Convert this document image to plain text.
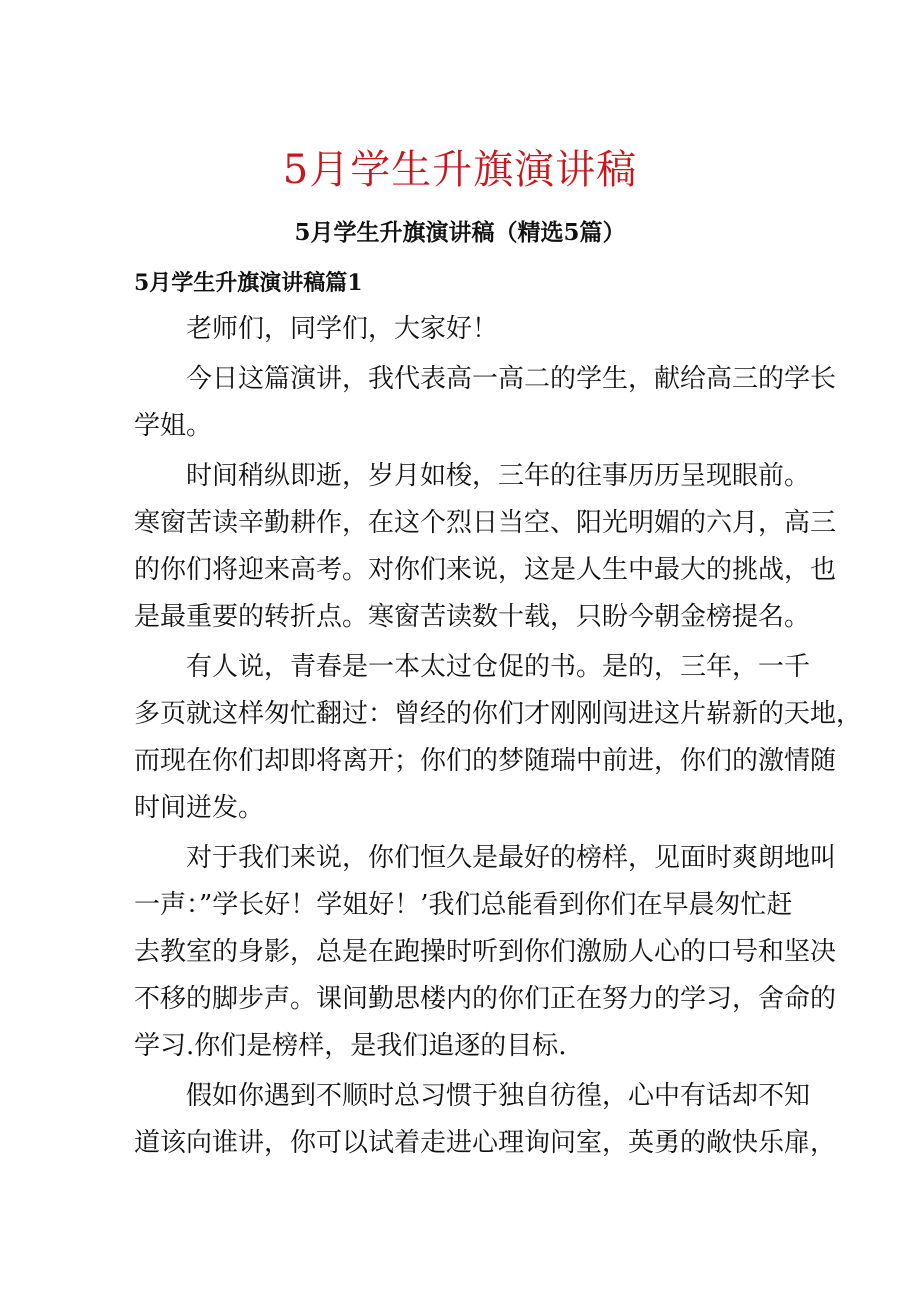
5月学生升旗演讲稿
5月学生升旗演讲稿（精选5篇）
5月学生升旗演讲稿篇1

老师们，同学们，大家好！

今日这篇演讲，我代表高一高二的学生，献给高三的学长
学姐。

时间稍纵即逝，岁月如梭，三年的往事历历呈现眼前。
寒窗苦读辛勤耕作，在这个烈日当空、阳光明媚的六月，高三
的你们将迎来高考。对你们来说，这是人生中最大的挑战，也
是最重要的转折点。寒窗苦读数十载，只盼今朝金榜提名。

有人说，青春是一本太过仓促的书。是的，三年，一千
多页就这样匆忙翻过：曾经的你们才刚刚闯进这片崭新的天地，
而现在你们却即将离开；你们的梦随瑞中前进，你们的激情随
时间迸发。

对于我们来说，你们恒久是最好的榜样，见面时爽朗地叫
一声：”学长好！学姐好！’我们总能看到你们在早晨匆忙赶
去教室的身影，总是在跑操时听到你们激励人心的口号和坚决
不移的脚步声。课间勤思楼内的你们正在努力的学习，舍命的
学习.你们是榜样，是我们追逐的目标.

假如你遇到不顺时总习惯于独自彷徨，心中有话却不知
道该向谁讲，你可以试着走进心理询问室，英勇的敞快乐扉，
